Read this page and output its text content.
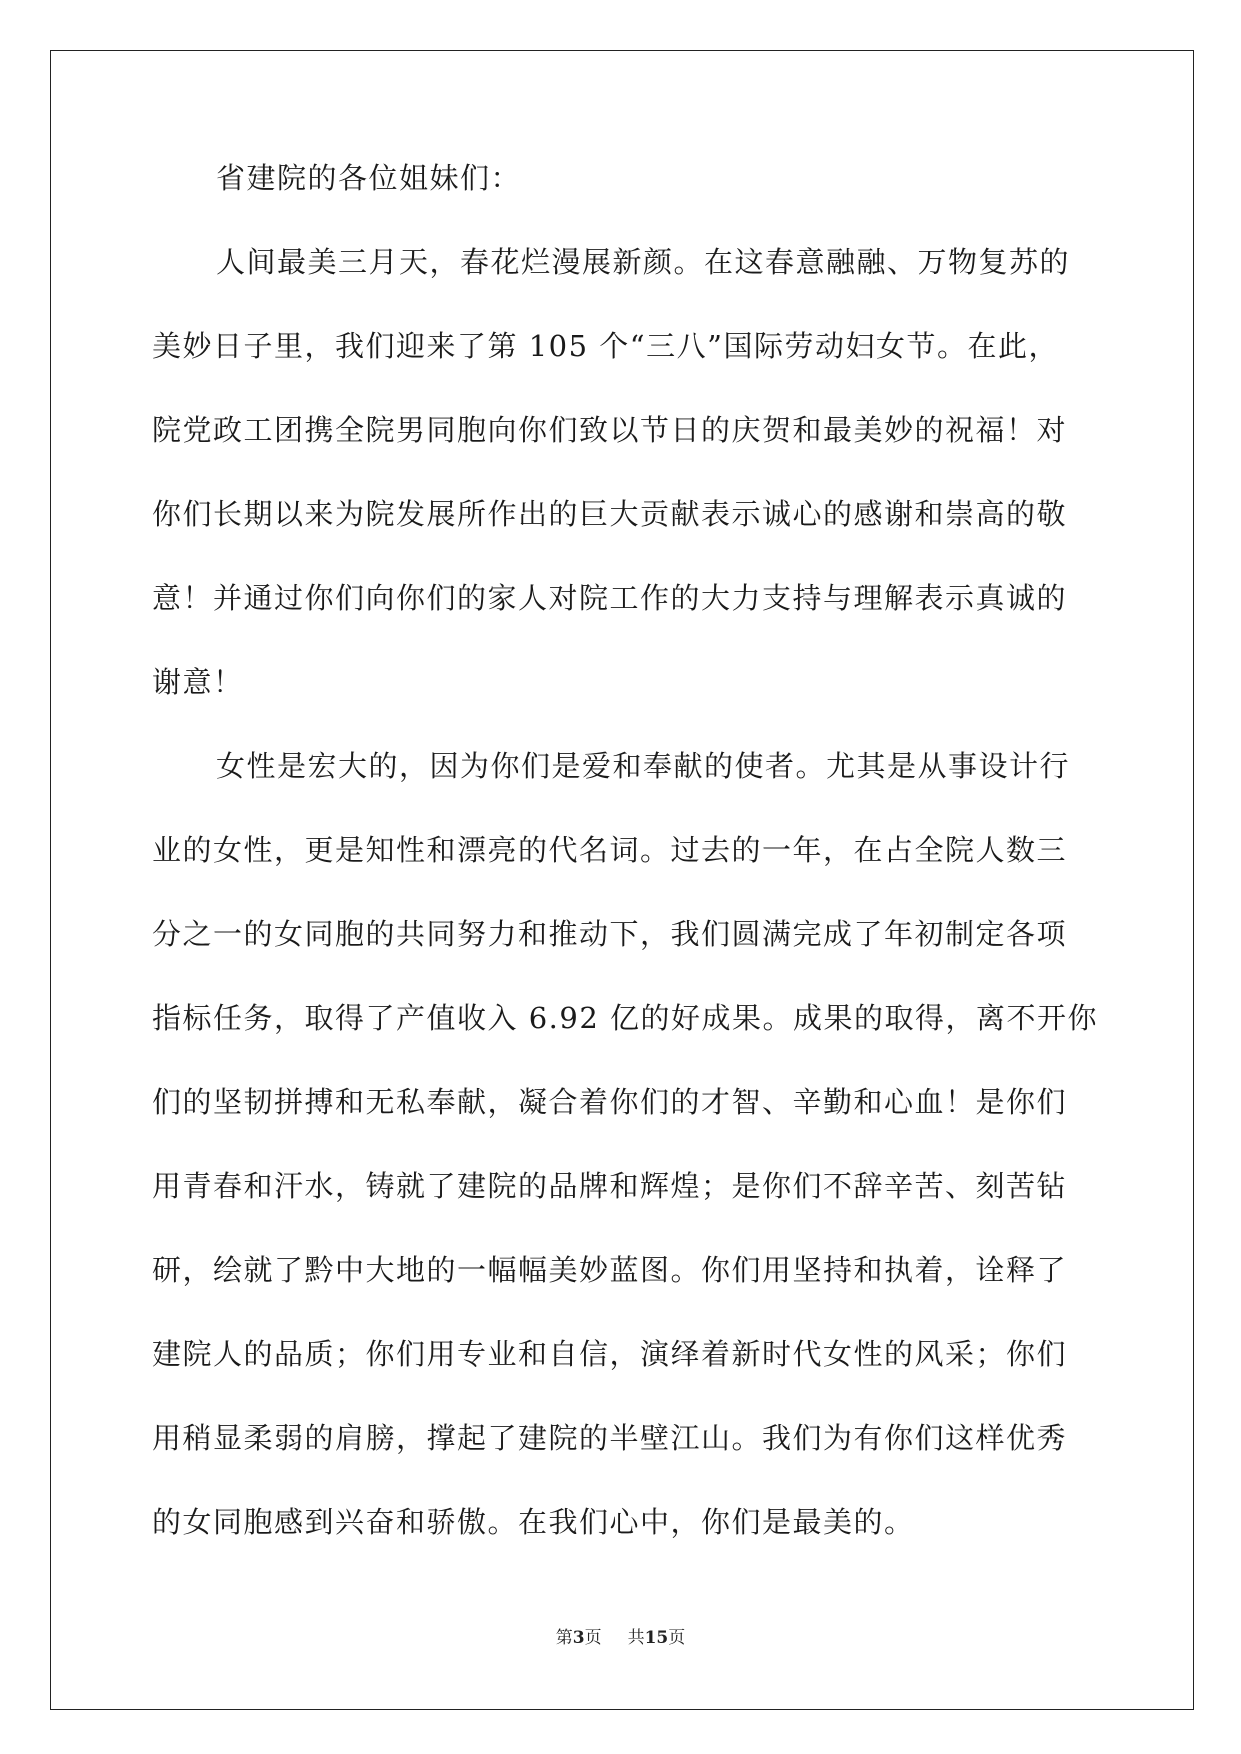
省建院的各位姐妹们：
人间最美三月天，春花烂漫展新颜。在这春意融融、万物复苏的
美妙日子里，我们迎来了第 105 个“三八”国际劳动妇女节。在此，
院党政工团携全院男同胞向你们致以节日的庆贺和最美妙的祝福！对
你们长期以来为院发展所作出的巨大贡献表示诚心的感谢和崇高的敬
意！并通过你们向你们的家人对院工作的大力支持与理解表示真诚的
谢意！
女性是宏大的，因为你们是爱和奉献的使者。尤其是从事设计行
业的女性，更是知性和漂亮的代名词。过去的一年，在占全院人数三
分之一的女同胞的共同努力和推动下，我们圆满完成了年初制定各项
指标任务，取得了产值收入 6.92 亿的好成果。成果的取得，离不开你
们的坚韧拼搏和无私奉献，凝合着你们的才智、辛勤和心血！是你们
用青春和汗水，铸就了建院的品牌和辉煌；是你们不辞辛苦、刻苦钻
研，绘就了黔中大地的一幅幅美妙蓝图。你们用坚持和执着，诠释了
建院人的品质；你们用专业和自信，演绎着新时代女性的风采；你们
用稍显柔弱的肩膀，撑起了建院的半壁江山。我们为有你们这样优秀
的女同胞感到兴奋和骄傲。在我们心中，你们是最美的。
第3页 共15页
